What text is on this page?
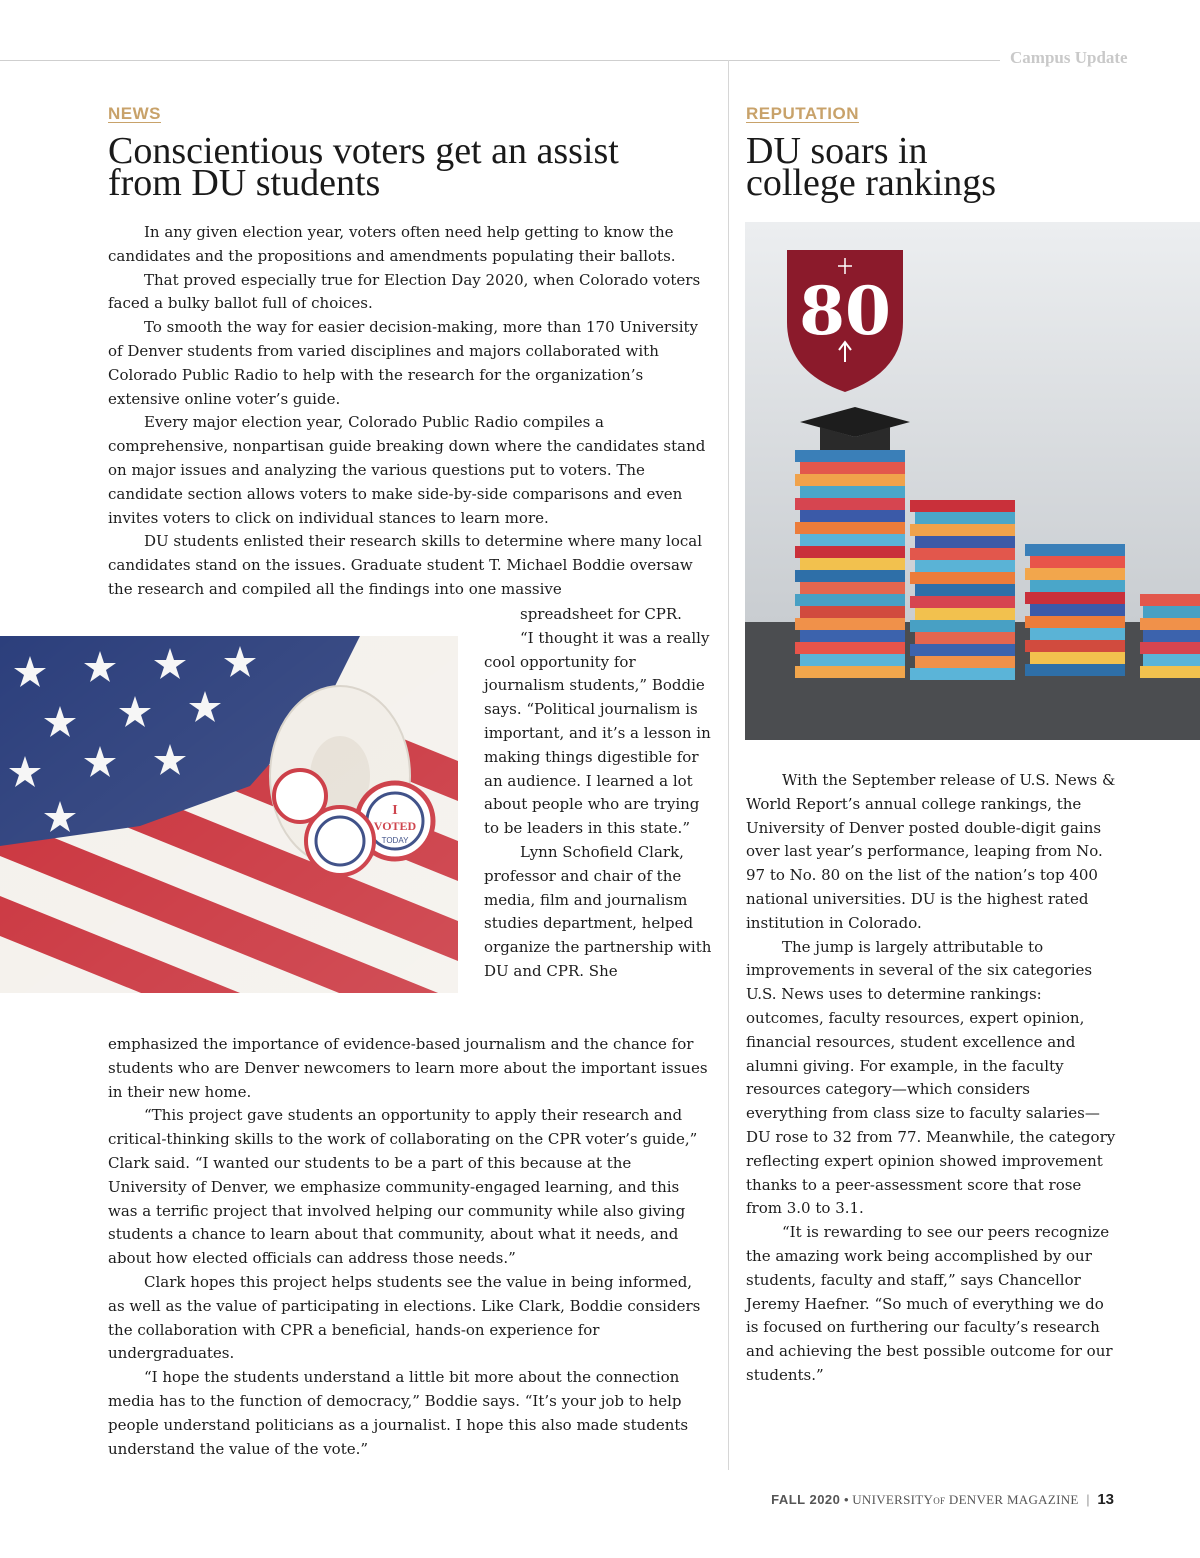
Campus Update
NEWS
Conscientious voters get an assist
from DU students

In any given election year, voters often need help getting to know the candidates and the propositions and amendments populating their ballots.

That proved especially true for Election Day 2020, when Colorado voters faced a bulky ballot full of choices.

To smooth the way for easier decision-making, more than 170 University of Denver students from varied disciplines and majors collaborated with Colorado Public Radio to help with the research for the organization’s extensive online voter’s guide.

Every major election year, Colorado Public Radio compiles a comprehensive, nonpartisan guide breaking down where the candidates stand on major issues and analyzing the various questions put to voters. The candidate section allows voters to make side-by-side comparisons and even invites voters to click on individual stances to learn more.

DU students enlisted their research skills to determine where many local candidates stand on the issues. Graduate student T. Michael Boddie oversaw the research and compiled all the findings into one massive

spreadsheet for CPR.

“I thought it was a really cool opportunity for journalism students,” Boddie says. “Political journalism is important, and it’s a lesson in making things digestible for an audience. I learned a lot about people who are trying to be leaders in this state.”

Lynn Schofield Clark, professor and chair of the media, film and journalism studies department, helped organize the partnership with DU and CPR. She

emphasized the importance of evidence-based journalism and the chance for students who are Denver newcomers to learn more about the important issues in their new home.

“This project gave students an opportunity to apply their research and critical-thinking skills to the work of collaborating on the CPR voter’s guide,” Clark said. “I wanted our students to be a part of this because at the University of Denver, we emphasize community-engaged learning, and this was a terrific project that involved helping our community while also giving students a chance to learn about that community, about what it needs, and about how elected officials can address those needs.”

Clark hopes this project helps students see the value in being informed, as well as the value of participating in elections. Like Clark, Boddie considers the collaboration with CPR a beneficial, hands-on experience for undergraduates.

“I hope the students understand a little bit more about the connection media has to the function of democracy,” Boddie says. “It’s your job to help people understand politicians as a journalist. I hope this also made students understand the value of the vote.”

REPUTATION
DU soars in
college rankings
80

With the September release of U.S. News & World Report’s annual college rankings, the University of Denver posted double-digit gains over last year’s performance, leaping from No. 97 to No. 80 on the list of the nation’s top 400 national universities. DU is the highest rated institution in Colorado.

The jump is largely attributable to improvements in several of the six categories U.S. News uses to determine rankings: outcomes, faculty resources, expert opinion, financial resources, student excellence and alumni giving. For example, in the faculty resources category—which considers everything from class size to faculty salaries—DU rose to 32 from 77. Meanwhile, the category reflecting expert opinion showed improvement thanks to a peer-assessment score that rose from 3.0 to 3.1.

“It is rewarding to see our peers recognize the amazing work being accomplished by our students, faculty and staff,” says Chancellor Jeremy Haefner. “So much of everything we do is focused on furthering our faculty’s research and achieving the best possible outcome for our students.”

FALL 2020 • UNIVERSITYOF DENVER MAGAZINE | 13
